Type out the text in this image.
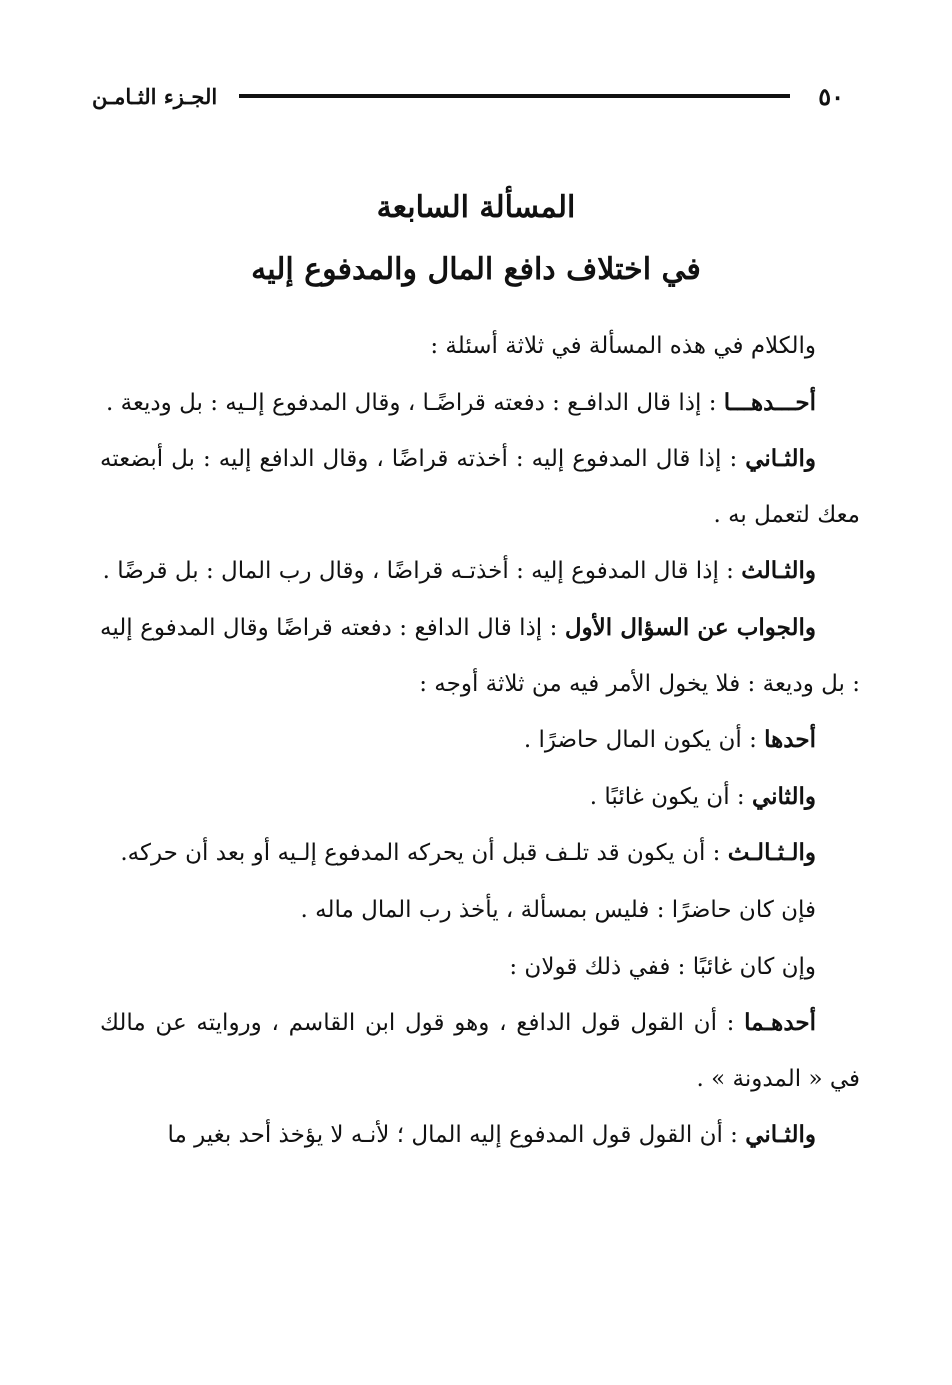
٥٠
الجـزء الثـامـن
المسألة السابعة
في اختلاف دافع المال والمدفوع إليه

والكلام في هذه المسألة في ثلاثة أسئلة :

أحـــدهـــا : إذا قال الدافـع : دفعته قراضًـا ، وقال المدفوع إلـيه : بل وديعة .

والثـاني : إذا قال المدفوع إليه : أخذته قراضًا ، وقال الدافع إليه : بل أبضعته معك لتعمل به .

والثـالث : إذا قال المدفوع إليه : أخذتـه قراضًا ، وقال رب المال : بل قرضًا .

والجواب عن السؤال الأول : إذا قال الدافع : دفعته قراضًا وقال المدفوع إليه : بل وديعة : فلا يخول الأمر فيه من ثلاثة أوجه :

أحدها : أن يكون المال حاضرًا .

والثاني : أن يكون غائبًا .

والـثـالـث : أن يكون قد تلـف قبل أن يحركه المدفوع إلـيه أو بعد أن حركه.

فإن كان حاضرًا : فليس بمسألة ، يأخذ رب المال ماله .

وإن كان غائبًا : ففي ذلك قولان :

أحدهـما : أن القول قول الدافع ، وهو قول ابن القاسم ، وروايته عن مالك في « المدونة » .

والثـاني : أن القول قول المدفوع إليه المال ؛ لأنـه لا يؤخذ أحد بغير ما
